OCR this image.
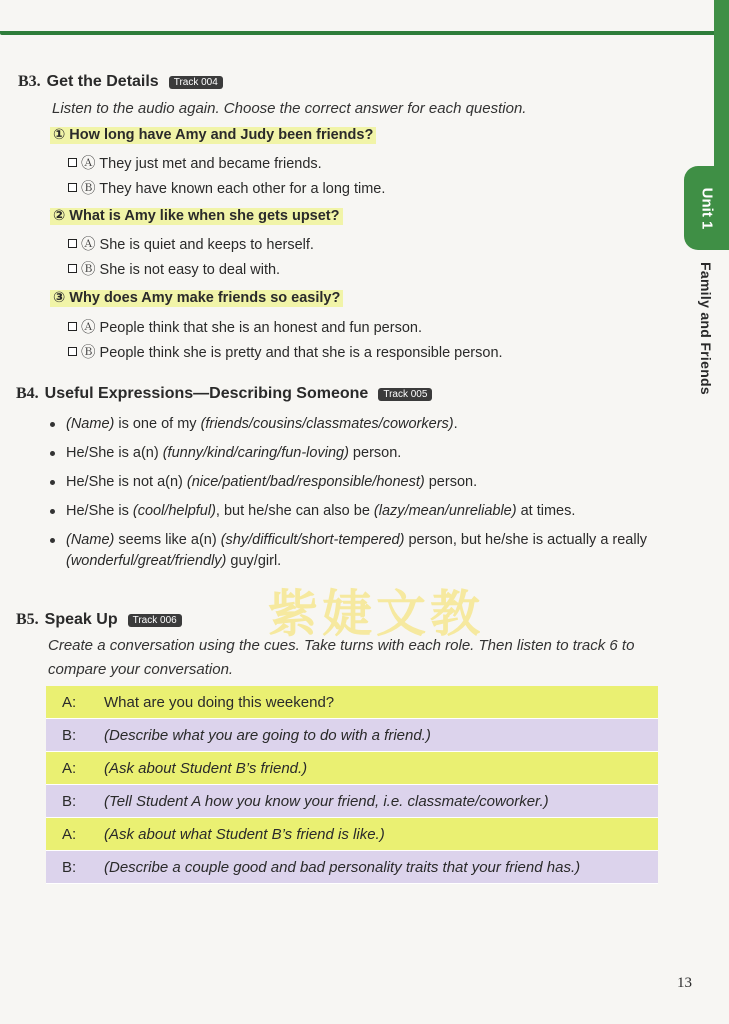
Unit 1
Family and Friends
B3. Get the Details	Track 004
Listen to the audio again. Choose the correct answer for each question.
① How long have Amy and Judy been friends?
Ⓐ They just met and became friends.
Ⓑ They have known each other for a long time.
② What is Amy like when she gets upset?
Ⓐ She is quiet and keeps to herself.
Ⓑ She is not easy to deal with.
③ Why does Amy make friends so easily?
Ⓐ People think that she is an honest and fun person.
Ⓑ People think she is pretty and that she is a responsible person.
B4. Useful Expressions—Describing Someone	Track 005
(Name) is one of my (friends/cousins/classmates/coworkers).
He/She is a(n) (funny/kind/caring/fun-loving) person.
He/She is not a(n) (nice/patient/bad/responsible/honest) person.
He/She is (cool/helpful), but he/she can also be (lazy/mean/unreliable) at times.
(Name) seems like a(n) (shy/difficult/short-tempered) person, but he/she is actually a really (wonderful/great/friendly) guy/girl.
紫婕文教
B5. Speak Up	Track 006
Create a conversation using the cues. Take turns with each role. Then listen to track 6 to compare your conversation.
A:	What are you doing this weekend?
B:	(Describe what you are going to do with a friend.)
A:	(Ask about Student B’s friend.)
B:	(Tell Student A how you know your friend, i.e. classmate/coworker.)
A:	(Ask about what Student B’s friend is like.)
B:	(Describe a couple good and bad personality traits that your friend has.)
13
